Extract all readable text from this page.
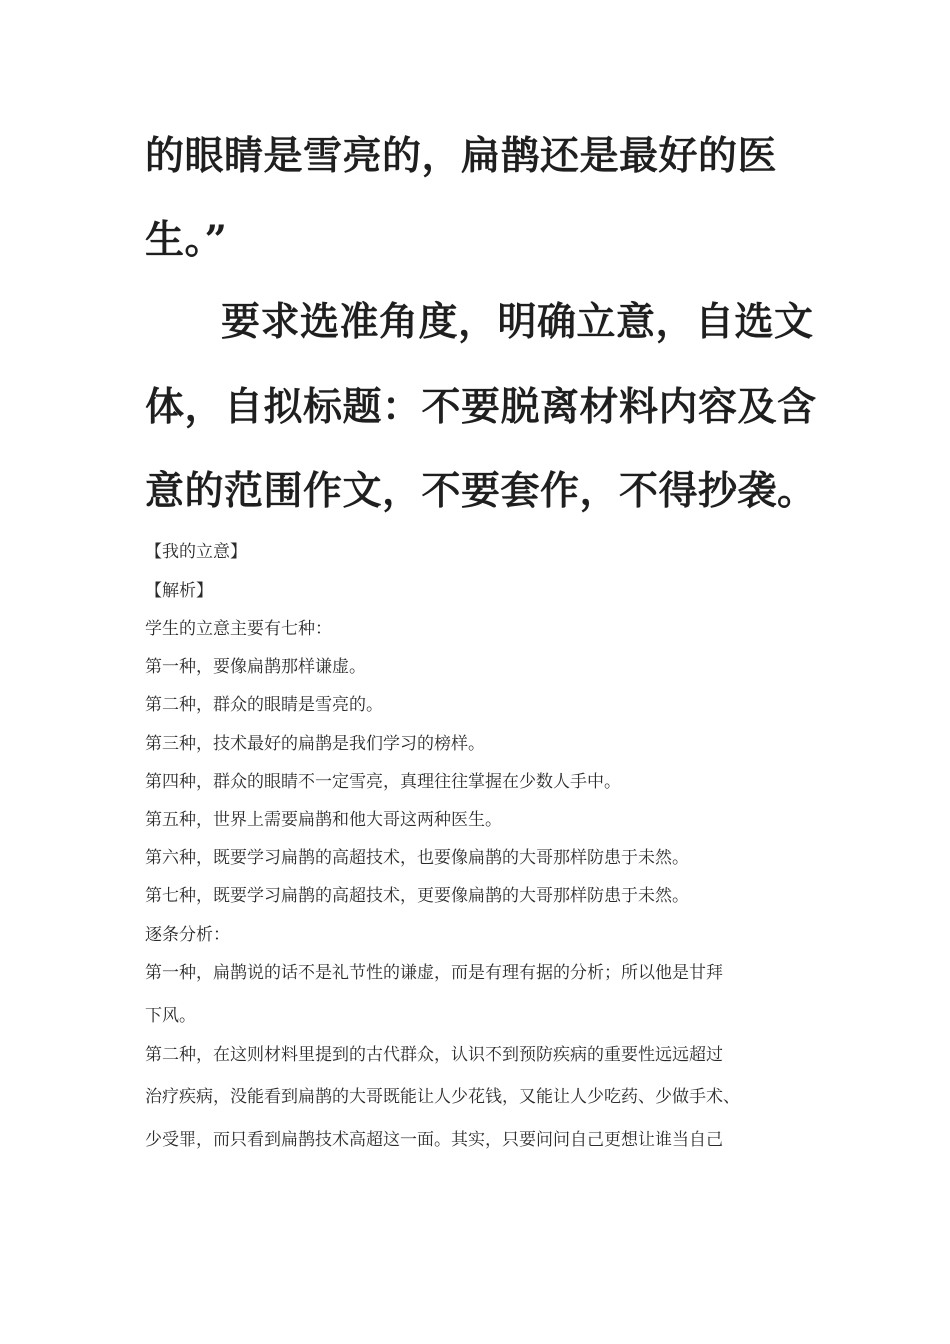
的眼睛是雪亮的，扁鹊还是最好的医
生。”
要求选准角度，明确立意，自选文
体，自拟标题：不要脱离材料内容及含
意的范围作文，不要套作，不得抄袭。
【我的立意】
【解析】
学生的立意主要有七种：
第一种，要像扁鹊那样谦虚。
第二种，群众的眼睛是雪亮的。
第三种，技术最好的扁鹊是我们学习的榜样。
第四种，群众的眼睛不一定雪亮，真理往往掌握在少数人手中。
第五种，世界上需要扁鹊和他大哥这两种医生。
第六种，既要学习扁鹊的高超技术，也要像扁鹊的大哥那样防患于未然。
第七种，既要学习扁鹊的高超技术，更要像扁鹊的大哥那样防患于未然。
逐条分析：
第一种，扁鹊说的话不是礼节性的谦虚，而是有理有据的分析；所以他是甘拜
下风。
第二种，在这则材料里提到的古代群众，认识不到预防疾病的重要性远远超过
治疗疾病，没能看到扁鹊的大哥既能让人少花钱，又能让人少吃药、少做手术、
少受罪，而只看到扁鹊技术高超这一面。其实，只要问问自己更想让谁当自己
